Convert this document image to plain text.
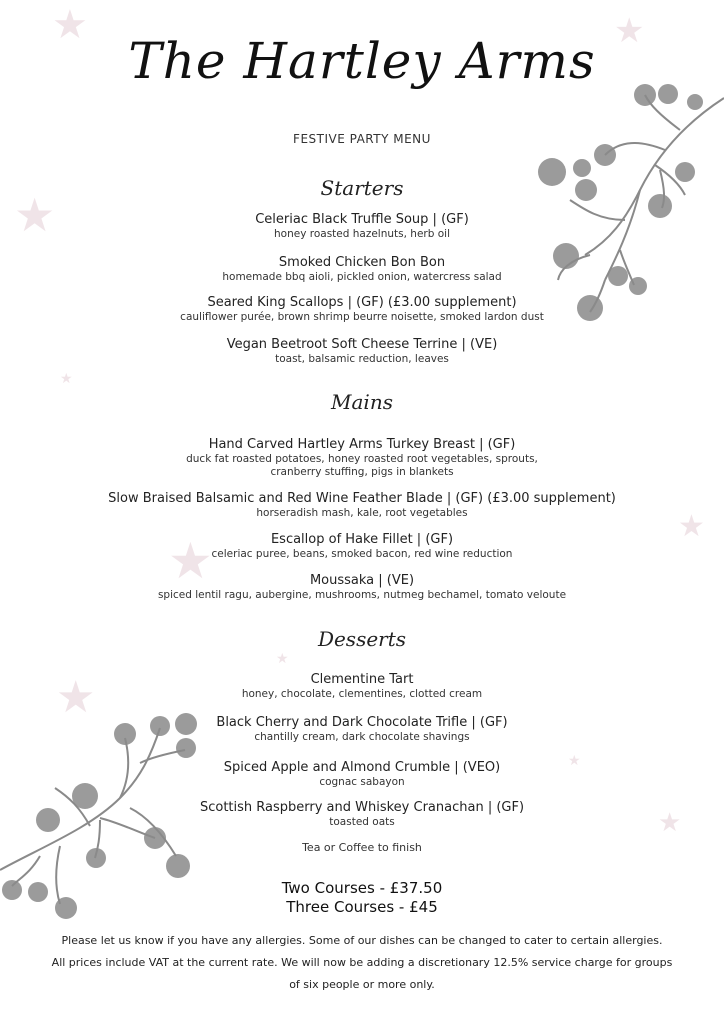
★	★
★
★
★
★
★
★
★
★
The Hartley Arms
FESTIVE PARTY MENU
Starters
Celeriac Black Truffle Soup | (GF)
honey roasted hazelnuts, herb oil
Smoked Chicken Bon Bon
homemade bbq aioli, pickled onion, watercress salad
Seared King Scallops | (GF) (£3.00 supplement)
cauliflower purée, brown shrimp beurre noisette, smoked lardon dust
Vegan Beetroot Soft Cheese Terrine | (VE)
toast, balsamic reduction, leaves
Mains
Hand Carved Hartley Arms Turkey Breast | (GF)
duck fat roasted potatoes, honey roasted root vegetables, sprouts,
cranberry stuffing, pigs in blankets
Slow Braised Balsamic and Red Wine Feather Blade | (GF) (£3.00 supplement)
horseradish mash, kale, root vegetables
Escallop of Hake Fillet | (GF)
celeriac puree, beans, smoked bacon, red wine reduction
Moussaka | (VE)
spiced lentil ragu, aubergine, mushrooms, nutmeg bechamel, tomato veloute
Desserts
Clementine Tart
honey, chocolate, clementines, clotted cream
Black Cherry and Dark Chocolate Trifle | (GF)
chantilly cream, dark chocolate shavings
Spiced Apple and Almond Crumble | (VEO)
cognac sabayon
Scottish Raspberry and Whiskey Cranachan | (GF)
toasted oats
Tea or Coffee to finish
Two Courses - £37.50
Three Courses - £45
Please let us know if you have any allergies. Some of our dishes can be changed to cater to certain allergies.
All prices include VAT at the current rate. We will now be adding a discretionary 12.5% service charge for groups
of six people or more only.
